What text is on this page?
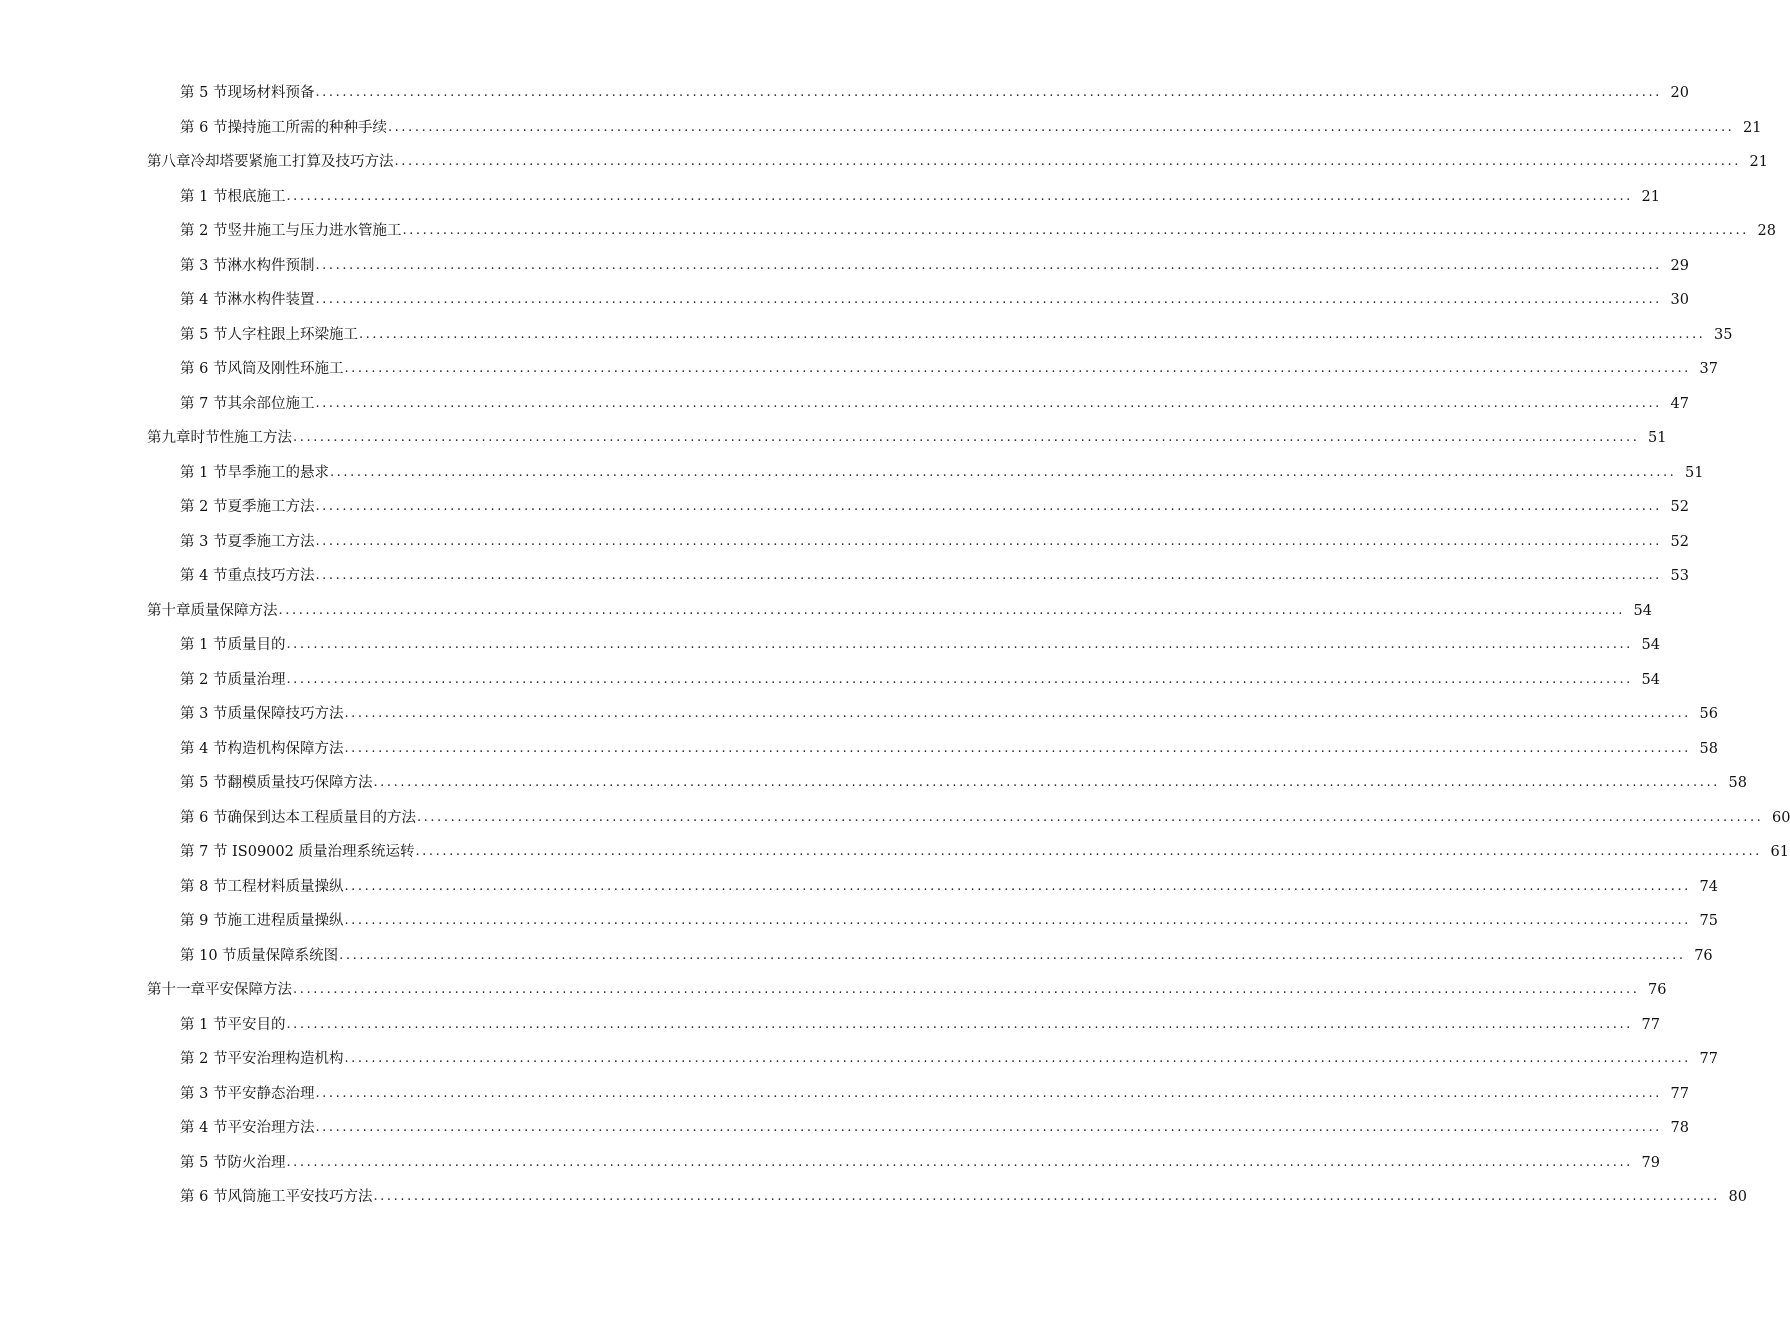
第 5 节现场材料预备 ........................................................................................................................................................................................................ 20
第 6 节操持施工所需的种种手续 ........................................................................................................................................................................................................ 21
第八章冷却塔要紧施工打算及技巧方法 ........................................................................................................................................................................................................ 21
第 1 节根底施工 ........................................................................................................................................................................................................ 21
第 2 节竖井施工与压力进水管施工 ........................................................................................................................................................................................................ 28
第 3 节淋水构件预制 ........................................................................................................................................................................................................ 29
第 4 节淋水构件装置 ........................................................................................................................................................................................................ 30
第 5 节人字柱跟上环梁施工 ........................................................................................................................................................................................................ 35
第 6 节风筒及刚性环施工 ........................................................................................................................................................................................................ 37
第 7 节其余部位施工 ........................................................................................................................................................................................................ 47
第九章时节性施工方法 ........................................................................................................................................................................................................ 51
第 1 节旱季施工的悬求 ........................................................................................................................................................................................................ 51
第 2 节夏季施工方法 ........................................................................................................................................................................................................ 52
第 3 节夏季施工方法 ........................................................................................................................................................................................................ 52
第 4 节重点技巧方法 ........................................................................................................................................................................................................ 53
第十章质量保障方法 ........................................................................................................................................................................................................ 54
第 1 节质量目的 ........................................................................................................................................................................................................ 54
第 2 节质量治理 ........................................................................................................................................................................................................ 54
第 3 节质量保障技巧方法 ........................................................................................................................................................................................................ 56
第 4 节构造机构保障方法 ........................................................................................................................................................................................................ 58
第 5 节翻模质量技巧保障方法 ........................................................................................................................................................................................................ 58
第 6 节确保到达本工程质量目的方法 ........................................................................................................................................................................................................ 60
第 7 节 IS09002 质量治理系统运转 ........................................................................................................................................................................................................ 61
第 8 节工程材料质量操纵 ........................................................................................................................................................................................................ 74
第 9 节施工进程质量操纵 ........................................................................................................................................................................................................ 75
第 10 节质量保障系统图 ........................................................................................................................................................................................................ 76
第十一章平安保障方法 ........................................................................................................................................................................................................ 76
第 1 节平安目的 ........................................................................................................................................................................................................ 77
第 2 节平安治理构造机构 ........................................................................................................................................................................................................ 77
第 3 节平安静态治理 ........................................................................................................................................................................................................ 77
第 4 节平安治理方法 ........................................................................................................................................................................................................ 78
第 5 节防火治理 ........................................................................................................................................................................................................ 79
第 6 节风筒施工平安技巧方法 ........................................................................................................................................................................................................ 80
